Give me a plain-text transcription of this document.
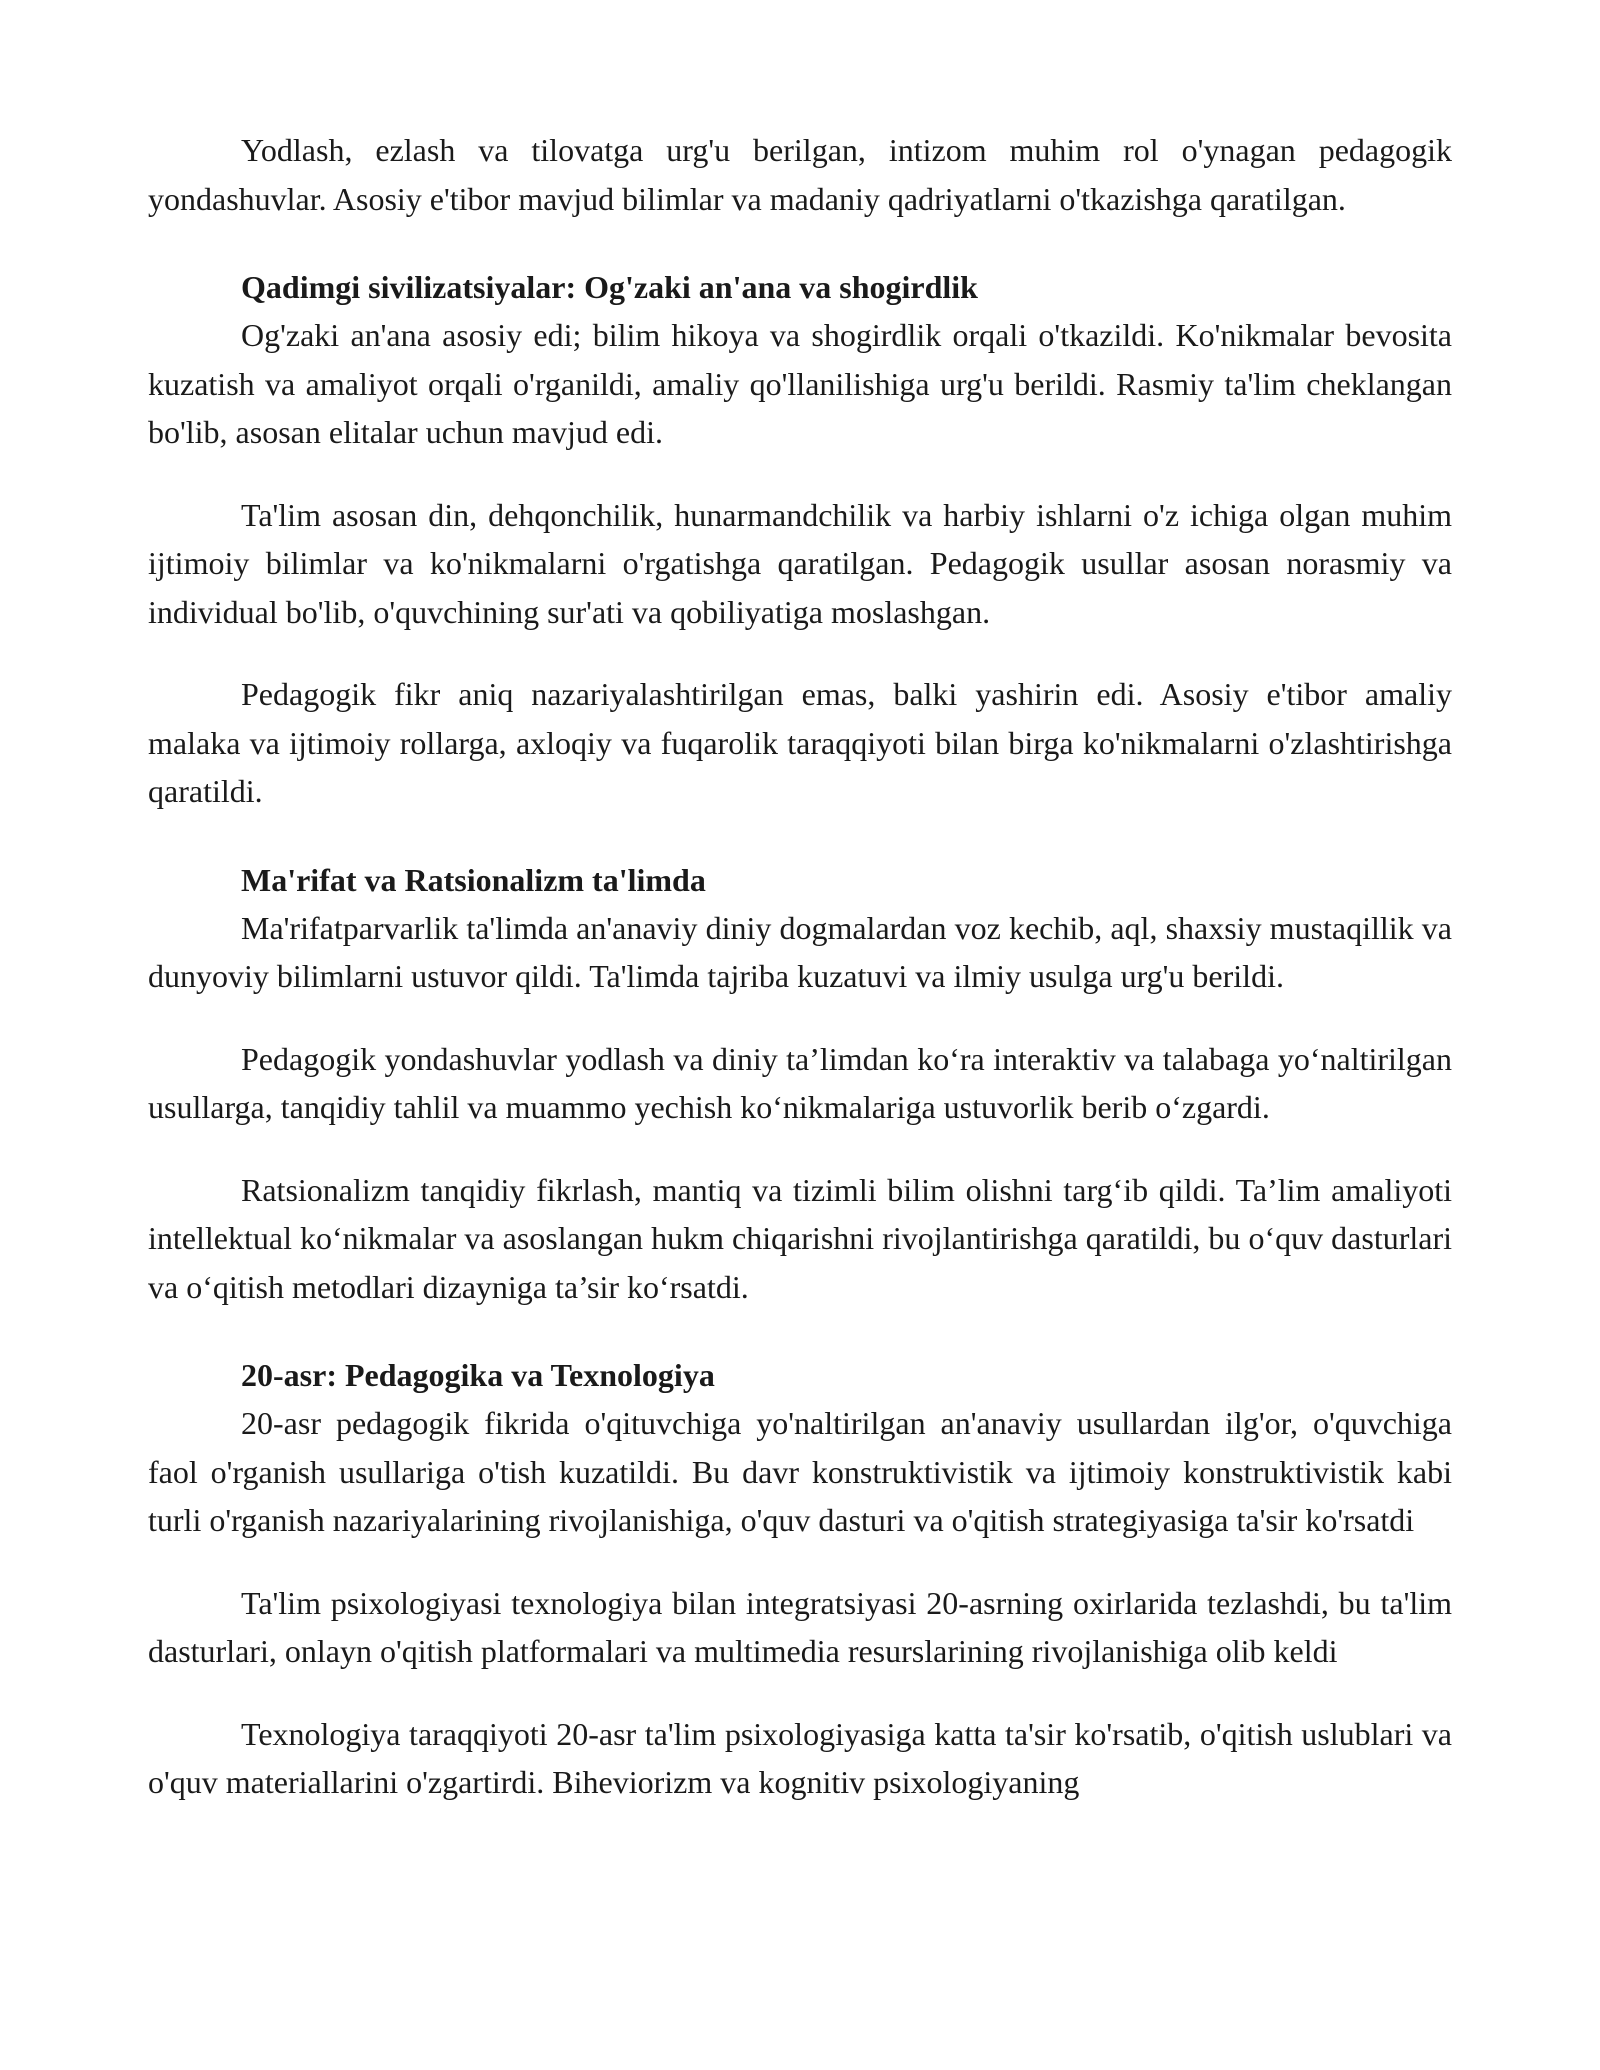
Yodlash, ezlash va tilovatga urg'u berilgan, intizom muhim rol o'ynagan pedagogik yondashuvlar. Asosiy e'tibor mavjud bilimlar va madaniy qadriyatlarni o'tkazishga qaratilgan.

Qadimgi sivilizatsiyalar: Og'zaki an'ana va shogirdlik

Og'zaki an'ana asosiy edi; bilim hikoya va shogirdlik orqali o'tkazildi. Ko'nikmalar bevosita kuzatish va amaliyot orqali o'rganildi, amaliy qo'llanilishiga urg'u berildi. Rasmiy ta'lim cheklangan bo'lib, asosan elitalar uchun mavjud edi.

Ta'lim asosan din, dehqonchilik, hunarmandchilik va harbiy ishlarni o'z ichiga olgan muhim ijtimoiy bilimlar va ko'nikmalarni o'rgatishga qaratilgan. Pedagogik usullar asosan norasmiy va individual bo'lib, o'quvchining sur'ati va qobiliyatiga moslashgan.

Pedagogik fikr aniq nazariyalashtirilgan emas, balki yashirin edi. Asosiy e'tibor amaliy malaka va ijtimoiy rollarga, axloqiy va fuqarolik taraqqiyoti bilan birga ko'nikmalarni o'zlashtirishga qaratildi.

Ma'rifat va Ratsionalizm ta'limda

Ma'rifatparvarlik ta'limda an'anaviy diniy dogmalardan voz kechib, aql, shaxsiy mustaqillik va dunyoviy bilimlarni ustuvor qildi. Ta'limda tajriba kuzatuvi va ilmiy usulga urg'u berildi.

Pedagogik yondashuvlar yodlash va diniy ta’limdan ko‘ra interaktiv va talabaga yo‘naltirilgan usullarga, tanqidiy tahlil va muammo yechish ko‘nikmalariga ustuvorlik berib o‘zgardi.

Ratsionalizm tanqidiy fikrlash, mantiq va tizimli bilim olishni targ‘ib qildi. Ta’lim amaliyoti intellektual ko‘nikmalar va asoslangan hukm chiqarishni rivojlantirishga qaratildi, bu o‘quv dasturlari va o‘qitish metodlari dizayniga ta’sir ko‘rsatdi.

20-asr: Pedagogika va Texnologiya

20-asr pedagogik fikrida o'qituvchiga yo'naltirilgan an'anaviy usullardan ilg'or, o'quvchiga faol o'rganish usullariga o'tish kuzatildi. Bu davr konstruktivistik va ijtimoiy konstruktivistik kabi turli o'rganish nazariyalarining rivojlanishiga, o'quv dasturi va o'qitish strategiyasiga ta'sir ko'rsatdi

Ta'lim psixologiyasi texnologiya bilan integratsiyasi 20-asrning oxirlarida tezlashdi, bu ta'lim dasturlari, onlayn o'qitish platformalari va multimedia resurslarining rivojlanishiga olib keldi

Texnologiya taraqqiyoti 20-asr ta'lim psixologiyasiga katta ta'sir ko'rsatib, o'qitish uslublari va o'quv materiallarini o'zgartirdi. Biheviorizm va kognitiv psixologiyaning
